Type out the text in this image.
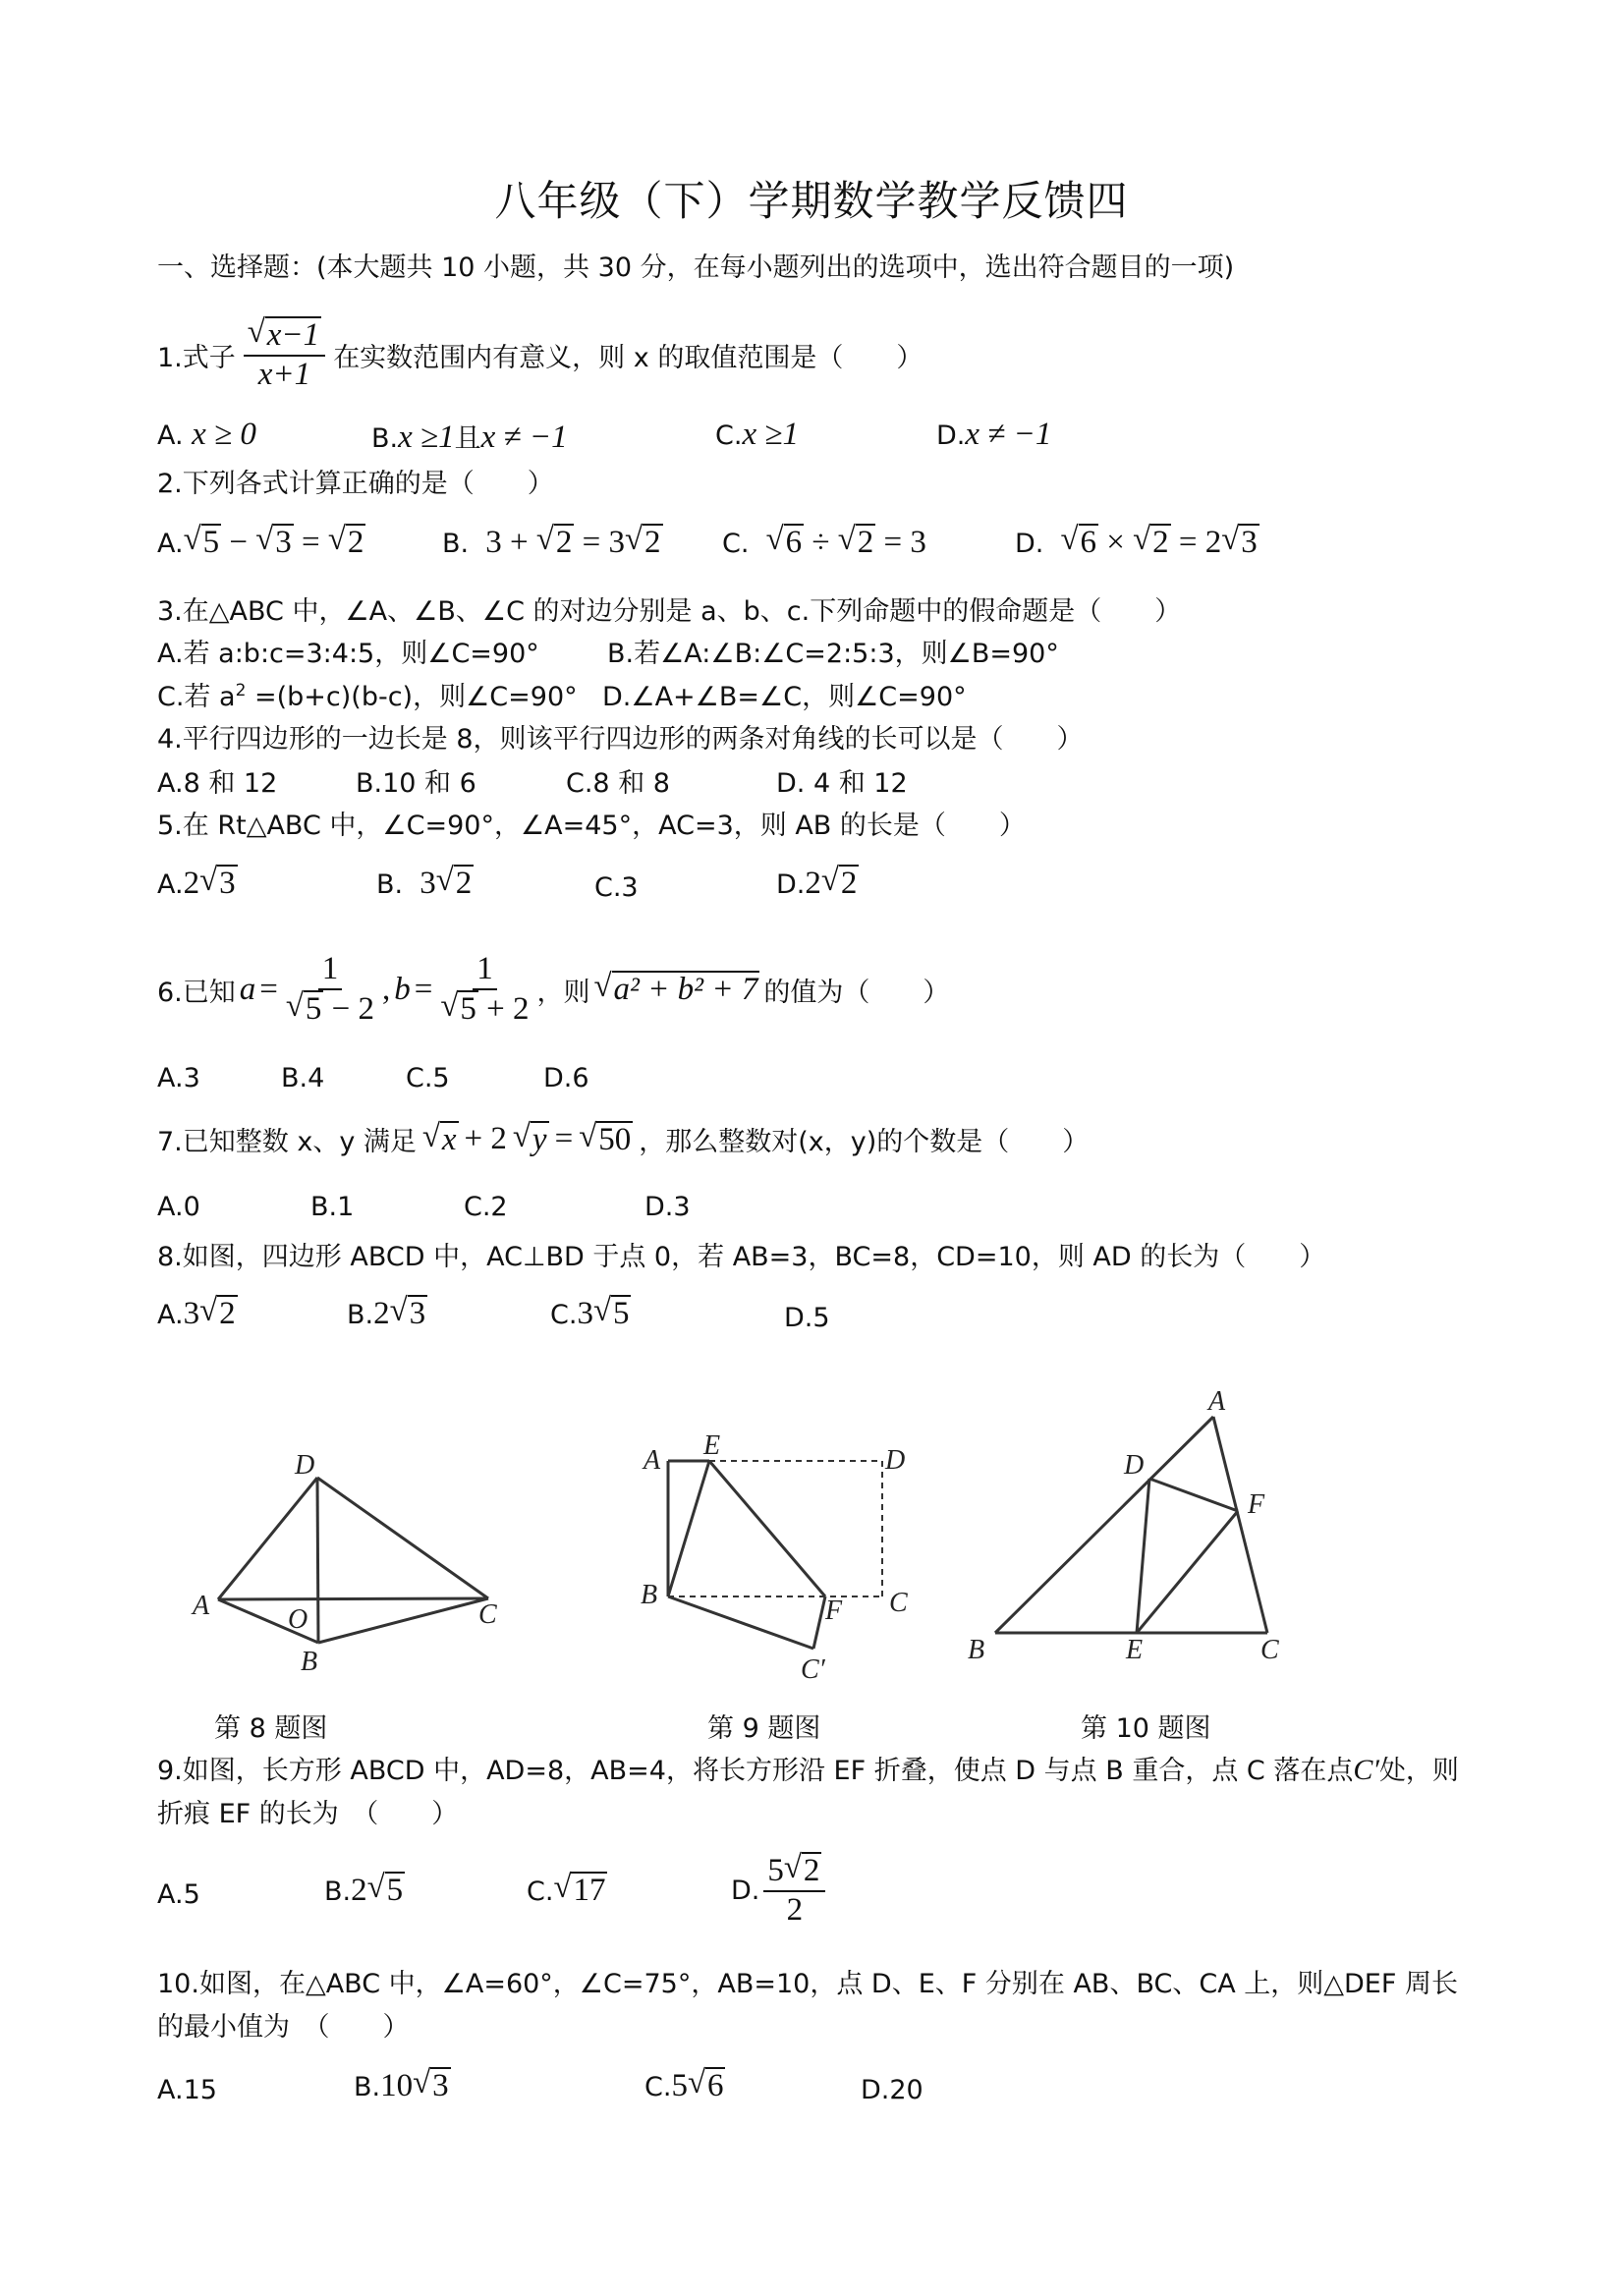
八年级（下）学期数学教学反馈四
一、选择题：(本大题共 10 小题，共 30 分，在每小题列出的选项中，选出符合题目的一项)
1.式子 √ $\frac{x-1}{x+1}$ 在实数范围内有意义，则 x 的取值范围是（　　）
A. x ≥ 0	B.x ≥1且x ≠ −1	C.x ≥1	D.x ≠ −1
2.下列各式计算正确的是（　　）
A. √ 5 − √ 3 = √ 2	B. 3 + √ 2 = 3 √ 2 C. √ 6 ÷ √ 2 = 3	D. √ 6 × √ 2 = 2 √ 3
3.在△ABC 中，∠A、∠B、∠C 的对边分别是 a、b、c.下列命题中的假命题是（　　）
A.若 a:b:c=3:4:5，则∠C=90°	B.若∠A:∠B:∠C=2:5:3，则∠B=90°
C.若 $a^2 =(b+c)(b-c)$，则∠C=90° D.∠A+∠B=∠C，则∠C=90°
4.平行四边形的一边长是 8，则该平行四边形的两条对角线的长可以是（　　）
A.8 和 12	B.10 和 6	C.8 和 8	D. 4 和 12
5.在 Rt△ABC 中，∠C=90°，∠A=45°，AC=3，则 AB 的长是（　　）
A.2 √ 3	B. 3 √ 2	C.3	D.2 √ 2
6.已知 a = 1
√ 5 − 2 , b = 1
√ 5 + 2 ，则 √ a² + b² + 7 的值为（　　）
A.3	B.4	C.5	D.6
7.已知整数 x、y 满足 √ x + 2 √ y = √ 50 ，那么整数对(x，y)的个数是（　　）
A.0	B.1	C.2	D.3
8.如图，四边形 ABCD 中，AC⊥BD 于点 0，若 AB=3，BC=8，CD=10，则 AD 的长为（　　）
A.3 √ 2	B.2 √ 3	C.3 √ 5	D.5
D
A	O	C
B
A E	D
B
F C
C′
A
D
F
B	E	C
第 8 题图	第 9 题图	第 10 题图
9.如图，长方形 ABCD 中，AD=8，AB=4，将长方形沿 EF 折叠，使点 D 与点 B 重合，点 C 落在点C′处，则
折痕 EF 的长为　（　　）
A.5	B.2 √ 5	C. √ 17	D. $\frac{5 √ 2}{2}$
10.如图，在△ABC 中，∠A=60°，∠C=75°，AB=10，点 D、E、F 分别在 AB、BC、CA 上，则△DEF 周长
的最小值为　（　　）
A.15	B.10 √ 3	C.5 √ 6	D.20
